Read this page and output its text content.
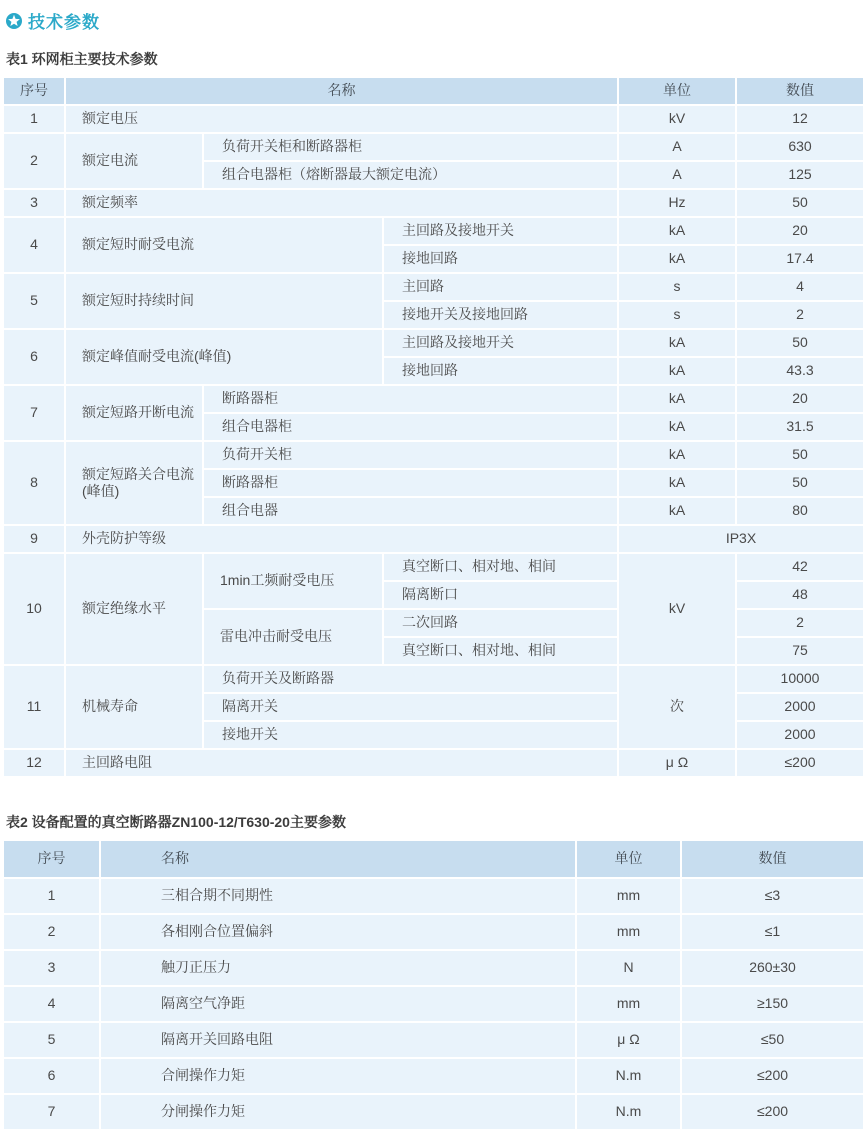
技术参数
表1 环网柜主要技术参数
序号	名称			单位	数值
1	额定电压			kV	12
2	额定电流	负荷开关柜和断路器柜		A	630
		组合电器柜（熔断器最大额定电流）		A	125
3	额定频率			Hz	50
4	额定短时耐受电流		主回路及接地开关	kA	20
			接地回路	kA	17.4
5	额定短时持续时间		主回路	s	4
			接地开关及接地回路	s	2
6	额定峰值耐受电流(峰值)		主回路及接地开关	kA	50
			接地回路	kA	43.3
7	额定短路开断电流	断路器柜		kA	20
		组合电器柜		kA	31.5
8	额定短路关合电流(峰值)	负荷开关柜		kA	50
		断路器柜		kA	50
		组合电器		kA	80
9	外壳防护等级			IP3X	
10	额定绝缘水平	1min工频耐受电压	真空断口、相对地、相间	kV	42
			隔离断口		48
		雷电冲击耐受电压	二次回路		2
			真空断口、相对地、相间		75
11	机械寿命	负荷开关及断路器		次	10000
		隔离开关			2000
		接地开关			2000
12	主回路电阻			μ Ω	≤200
表2 设备配置的真空断路器ZN100-12/T630-20主要参数
序号	名称	单位	数值
1	三相合期不同期性	mm	≤3
2	各相刚合位置偏斜	mm	≤1
3	触刀正压力	N	260±30
4	隔离空气净距	mm	≥150
5	隔离开关回路电阻	μ Ω	≤50
6	合闸操作力矩	N.m	≤200
7	分闸操作力矩	N.m	≤200
